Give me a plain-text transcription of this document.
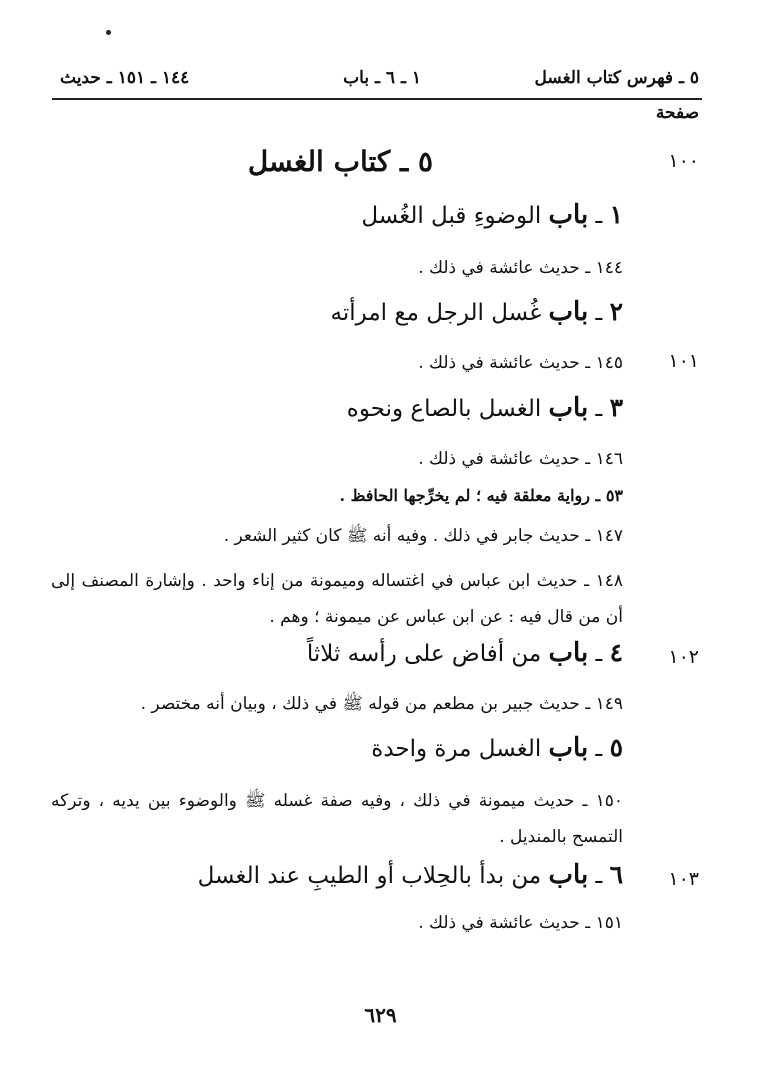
٥ ـ فهرس كتاب الغسل
١ ـ ٦ ـ باب
١٤٤ ـ ١٥١ ـ حديث
صفحة
١٠٠
٥ ـ كتاب الغسل
١ ـ باب الوضوءِ قبل الغُسل
١٤٤ ـ حديث عائشة في ذلك .
٢ ـ باب غُسل الرجل مع امرأته
١٠١
١٤٥ ـ حديث عائشة في ذلك .
٣ ـ باب الغسل بالصاع ونحوه
١٤٦ ـ حديث عائشة في ذلك .
٥٣ ـ رواية معلقة فيه ؛ لم يخرِّجها الحافظ .
١٤٧ ـ حديث جابر في ذلك . وفيه أنه ﷺ كان كثير الشعر .
١٤٨ ـ حديث ابن عباس في اغتساله وميمونة من إناء واحد . وإشارة المصنف إلى أن من قال فيه : عن ابن عباس عن ميمونة ؛ وهم .
١٠٢
٤ ـ باب من أفاض على رأسه ثلاثاً
١٤٩ ـ حديث جبير بن مطعم من قوله ﷺ في ذلك ، وبيان أنه مختصر .
٥ ـ باب الغسل مرة واحدة
١٥٠ ـ حديث ميمونة في ذلك ، وفيه صفة غسله ﷺ والوضوء بين يديه ، وتركه التمسح بالمنديل .
١٠٣
٦ ـ باب من بدأ بالحِلاب أو الطيبِ عند الغسل
١٥١ ـ حديث عائشة في ذلك .
٦٢٩
